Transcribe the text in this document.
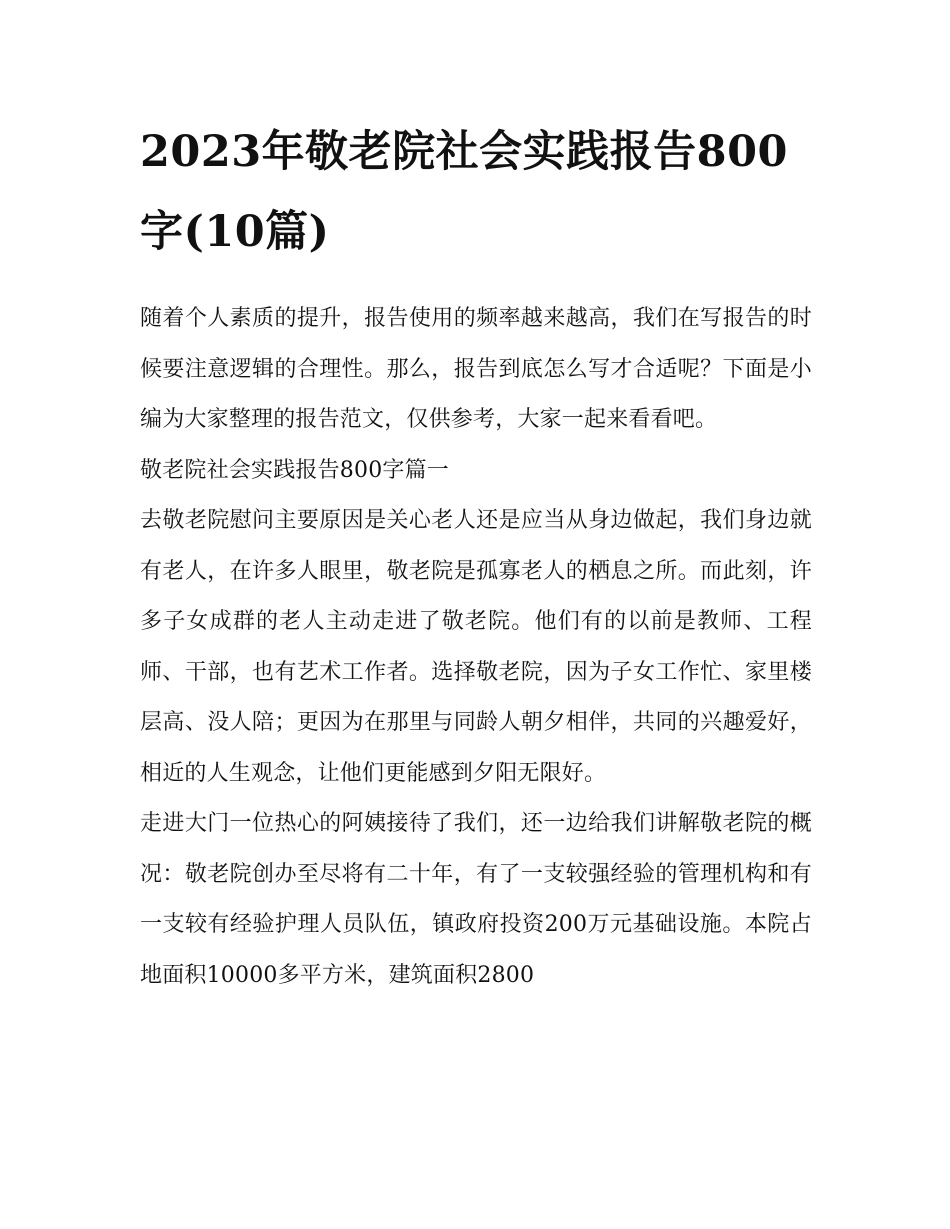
2023年敬老院社会实践报告800字(10篇)

随着个人素质的提升，报告使用的频率越来越高，我们在写报告的时候要注意逻辑的合理性。那么，报告到底怎么写才合适呢？下面是小编为大家整理的报告范文，仅供参考，大家一起来看看吧。

敬老院社会实践报告800字篇一

去敬老院慰问主要原因是关心老人还是应当从身边做起，我们身边就有老人，在许多人眼里，敬老院是孤寡老人的栖息之所。而此刻，许多子女成群的老人主动走进了敬老院。他们有的以前是教师、工程师、干部，也有艺术工作者。选择敬老院，因为子女工作忙、家里楼层高、没人陪；更因为在那里与同龄人朝夕相伴，共同的兴趣爱好，相近的人生观念，让他们更能感到夕阳无限好。

走进大门一位热心的阿姨接待了我们，还一边给我们讲解敬老院的概况：敬老院创办至尽将有二十年，有了一支较强经验的管理机构和有一支较有经验护理人员队伍，镇政府投资200万元基础设施。本院占地面积10000多平方米，建筑面积2800
